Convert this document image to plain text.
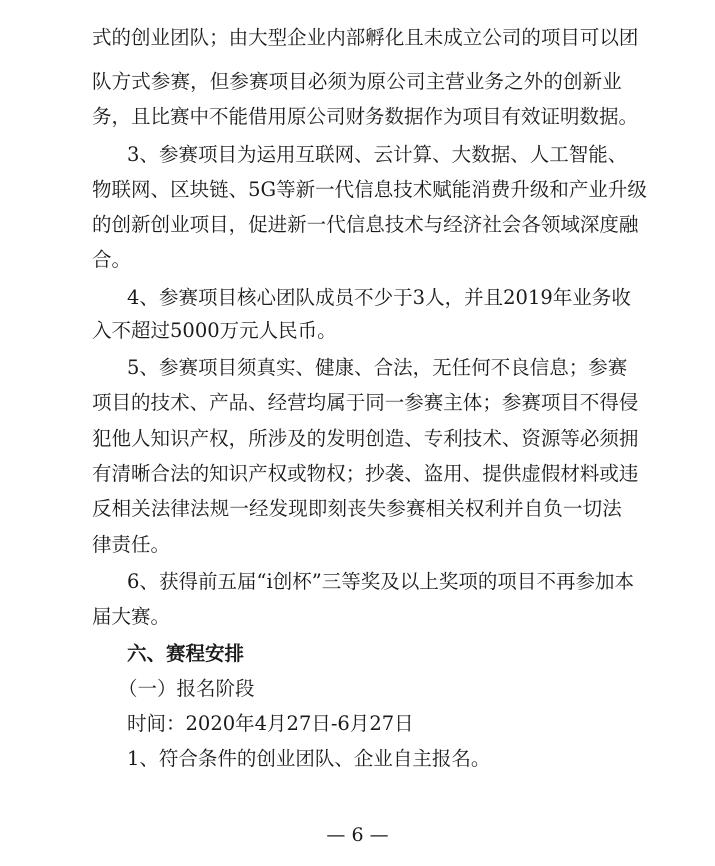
式 的 创 业 团 队 ； 由 大 型 企 业 内 部 孵 化 且 未 成 立 公 司 的 项 目 可 以 团
队 方 式 参 赛 ， 但 参 赛 项 目 必 须 为 原 公 司 主 营 业 务 之 外 的 创 新 业
务，且比赛中不能借用原公司财务数据作为项目有效证明数据。
3 、 参 赛 项 目 为 运 用 互 联 网 、 云 计 算 、 大 数 据 、 人 工 智 能 、
物 联 网 、 区 块 链 、 5G 等 新 一 代 信 息 技 术 赋 能 消 费 升 级 和 产 业 升 级
的 创 新 创 业 项 目 ， 促 进 新 一 代 信 息 技 术 与 经 济 社 会 各 领 域 深 度 融
合。
4 、 参 赛 项 目 核 心 团 队 成 员 不 少 于 3 人 ， 并 且 2019 年 业 务 收
入不超过5000万元人民币。
5 、 参 赛 项 目 须 真 实 、 健 康 、 合 法 ， 无 任 何 不 良 信 息 ； 参 赛
项 目 的 技 术 、 产 品 、 经 营 均 属 于 同 一 参 赛 主 体 ； 参 赛 项 目 不 得 侵
犯 他 人 知 识 产 权 ， 所 涉 及 的 发 明 创 造 、 专 利 技 术 、 资 源 等 必 须 拥
有 清 晰 合 法 的 知 识 产 权 或 物 权 ； 抄 袭 、 盗 用 、 提 供 虚 假 材 料 或 违
反 相 关 法 律 法 规 一 经 发 现 即 刻 丧 失 参 赛 相 关 权 利 并 自 负 一 切 法
律责任。
6 、 获 得 前 五 届 “ i 创 杯 ” 三 等 奖 及 以 上 奖 项 的 项 目 不 再 参 加 本
届大赛。
六、赛程安排
（一）报名阶段
时间：2020年4月27日-6月27日
1、符合条件的创业团队、企业自主报名。
— 6 —
